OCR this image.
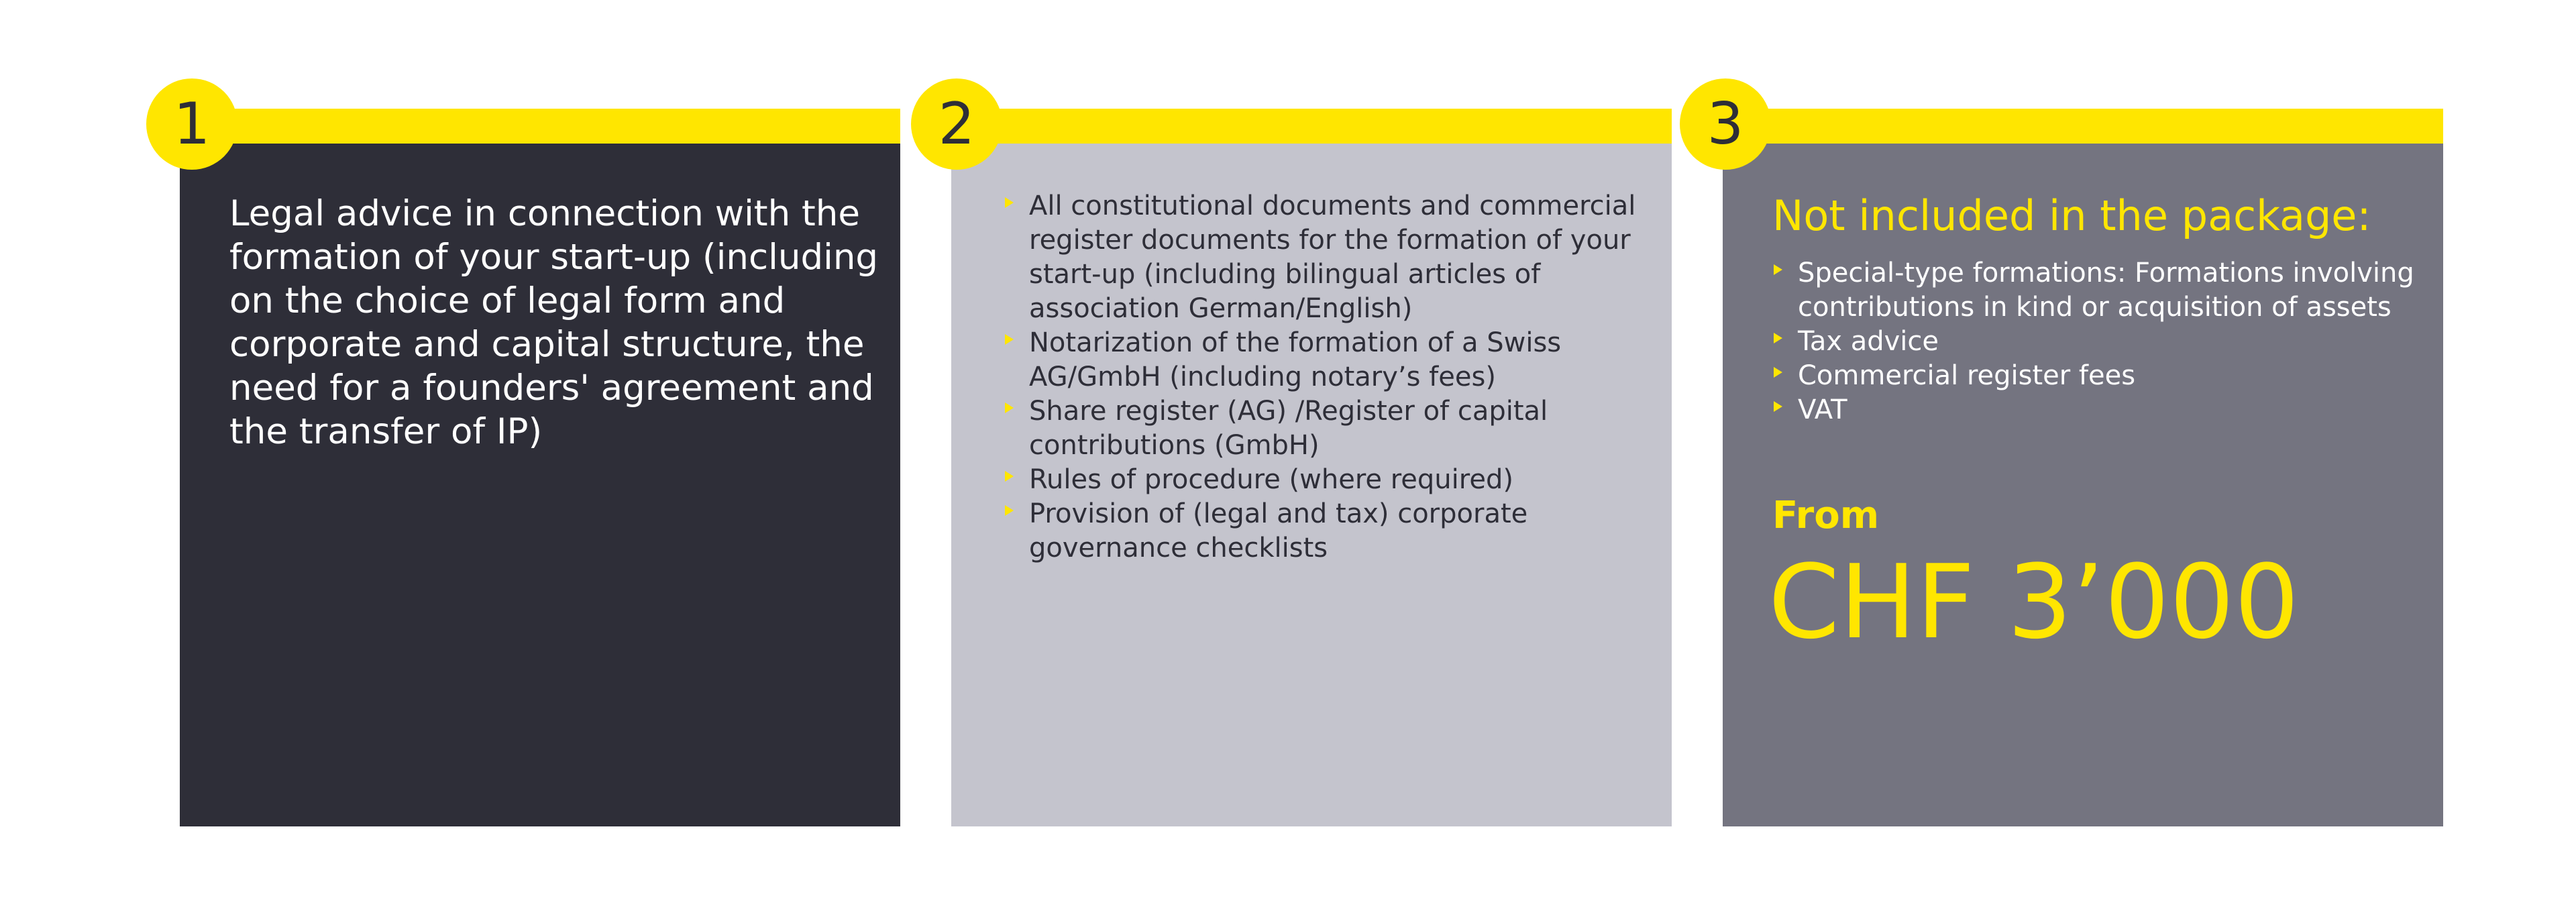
Legal advice in connection with the formation of your start-up (including on the choice of legal form and corporate and capital structure, the need for a founders' agreement and the transfer of IP)
All constitutional documents and commercial register documents for the formation of your start-up (including bilingual articles of association German/English)
Notarization of the formation of a Swiss AG/GmbH (including notary’s fees)
Share register (AG) /Register of capital contributions (GmbH)
Rules of procedure (where required)
Provision of (legal and tax) corporate governance checklists
Not included in the package:
Special-type formations: Formations involving contributions in kind or acquisition of assets
Tax advice
Commercial register fees
VAT
From
CHF 3’000
1	2	3
